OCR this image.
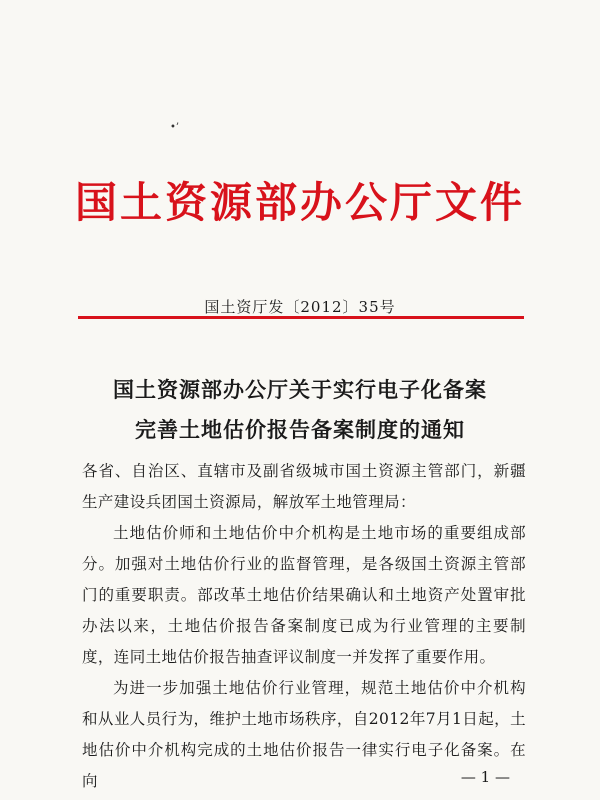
•’
国土资源部办公厅文件
国土资厅发〔2012〕35号
国土资源部办公厅关于实行电子化备案
完善土地估价报告备案制度的通知

各省、自治区、直辖市及副省级城市国土资源主管部门，新疆生产建设兵团国土资源局，解放军土地管理局：

土地估价师和土地估价中介机构是土地市场的重要组成部分。加强对土地估价行业的监督管理，是各级国土资源主管部门的重要职责。部改革土地估价结果确认和土地资产处置审批办法以来，土地估价报告备案制度已成为行业管理的主要制度，连同土地估价报告抽查评议制度一并发挥了重要作用。

为进一步加强土地估价行业管理，规范土地估价中介机构和从业人员行为，维护土地市场秩序，自2012年7月1日起，土地估价中介机构完成的土地估价报告一律实行电子化备案。在向	— 1 —
